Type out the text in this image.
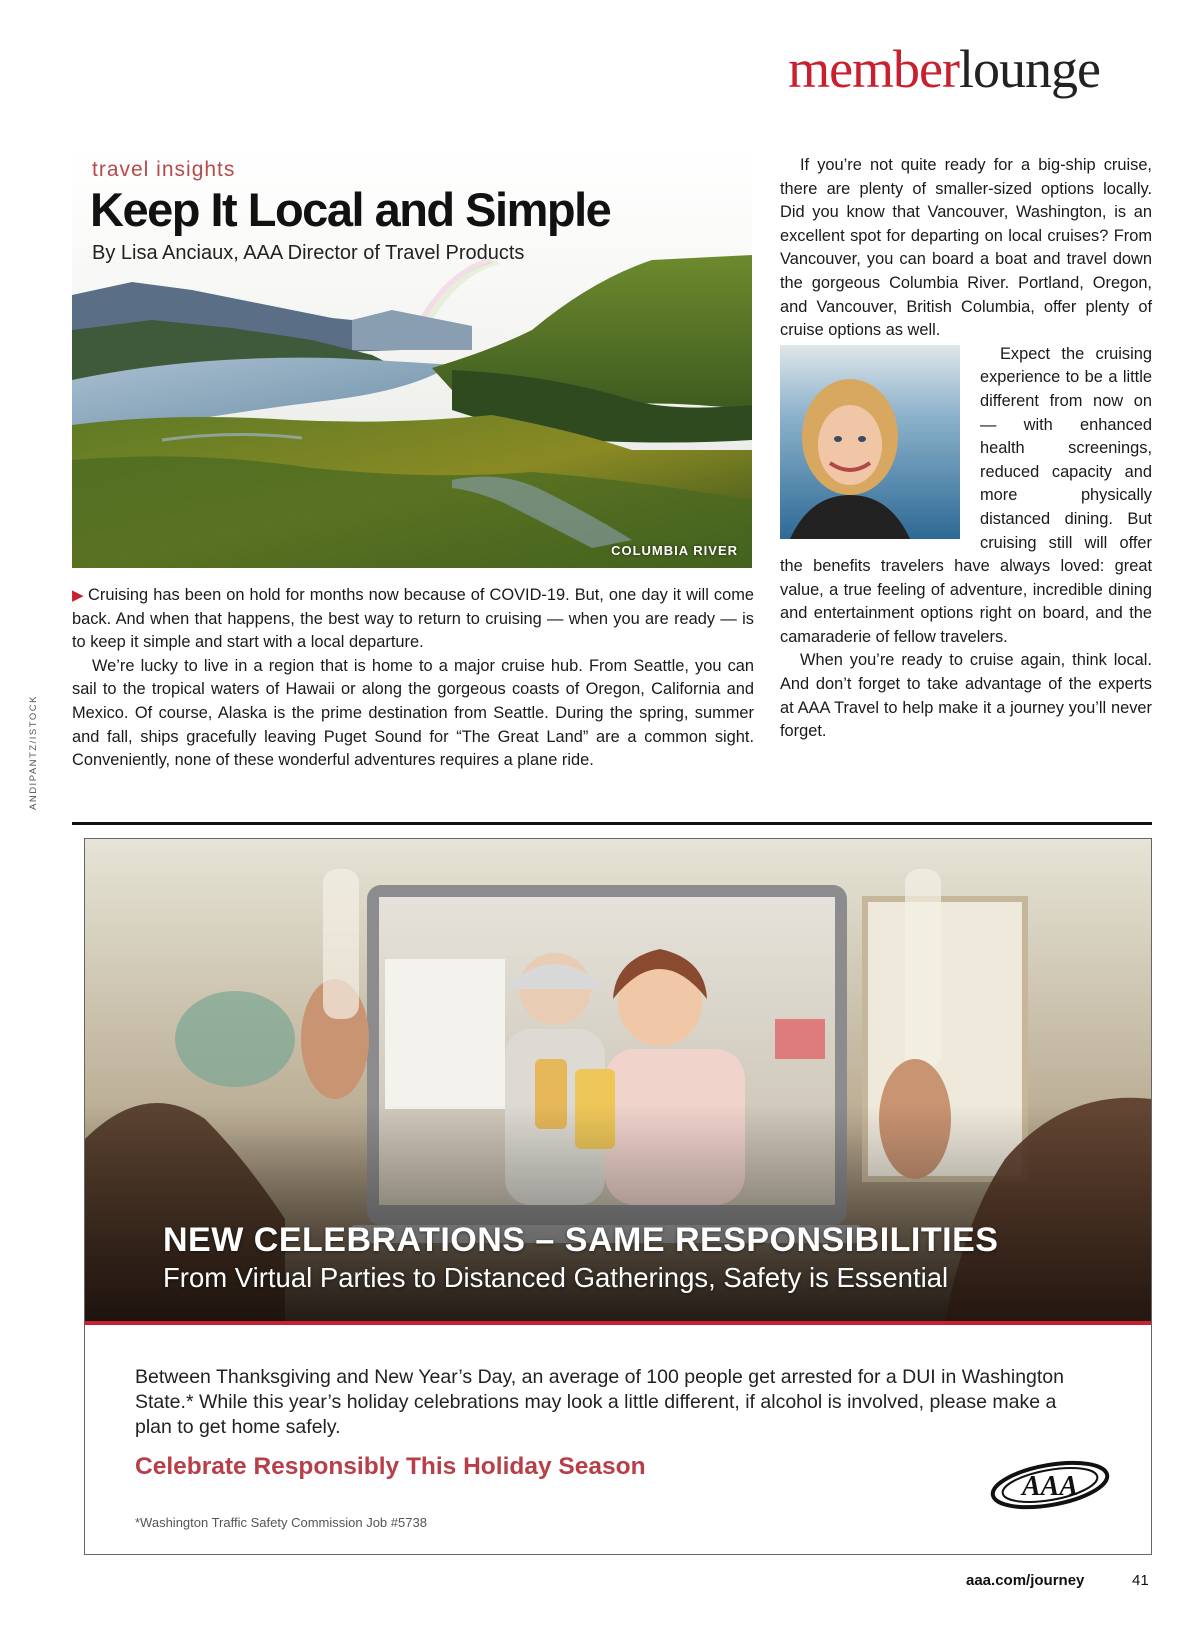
memberlounge
ANDIPANTZ/ISTOCK
travel insights
Keep It Local and Simple
By Lisa Anciaux, AAA Director of Travel Products
COLUMBIA RIVER

▶ Cruising has been on hold for months now because of COVID-19. But, one day it will come back. And when that happens, the best way to return to cruising — when you are ready — is to keep it simple and start with a local departure.

We’re lucky to live in a region that is home to a major cruise hub. From Seattle, you can sail to the tropical waters of Hawaii or along the gorgeous coasts of Oregon, California and Mexico. Of course, Alaska is the prime destination from Seattle. During the spring, summer and fall, ships gracefully leaving Puget Sound for “The Great Land” are a common sight. Conveniently, none of these wonderful adventures requires a plane ride.

If you’re not quite ready for a big-ship cruise, there are plenty of smaller-sized options locally. Did you know that Vancouver, Washington, is an excellent spot for departing on local cruises? From Vancouver, you can board a boat and travel down the gorgeous Columbia River. Portland, Oregon, and Vancouver, British Columbia, offer plenty of cruise options as well.

Expect the cruising experience to be a little different from now on — with enhanced health screenings, reduced capacity and more physically distanced dining. But cruising still will offer the benefits travelers have always loved: great value, a true feeling of adventure, incredible dining and entertainment options right on board, and the camaraderie of fellow travelers.

When you’re ready to cruise again, think local. And don’t forget to take advantage of the experts at AAA Travel to help make it a journey you’ll never forget.

NEW CELEBRATIONS – SAME RESPONSIBILITIES
From Virtual Parties to Distanced Gatherings, Safety is Essential
Between Thanksgiving and New Year’s Day, an average of 100 people get arrested for a DUI in Washington State.* While this year’s holiday celebrations may look a little different, if alcohol is involved, please make a plan to get home safely.
Celebrate Responsibly This Holiday Season
*Washington Traffic Safety Commission Job #5738
AAA
aaa.com/journey	41
